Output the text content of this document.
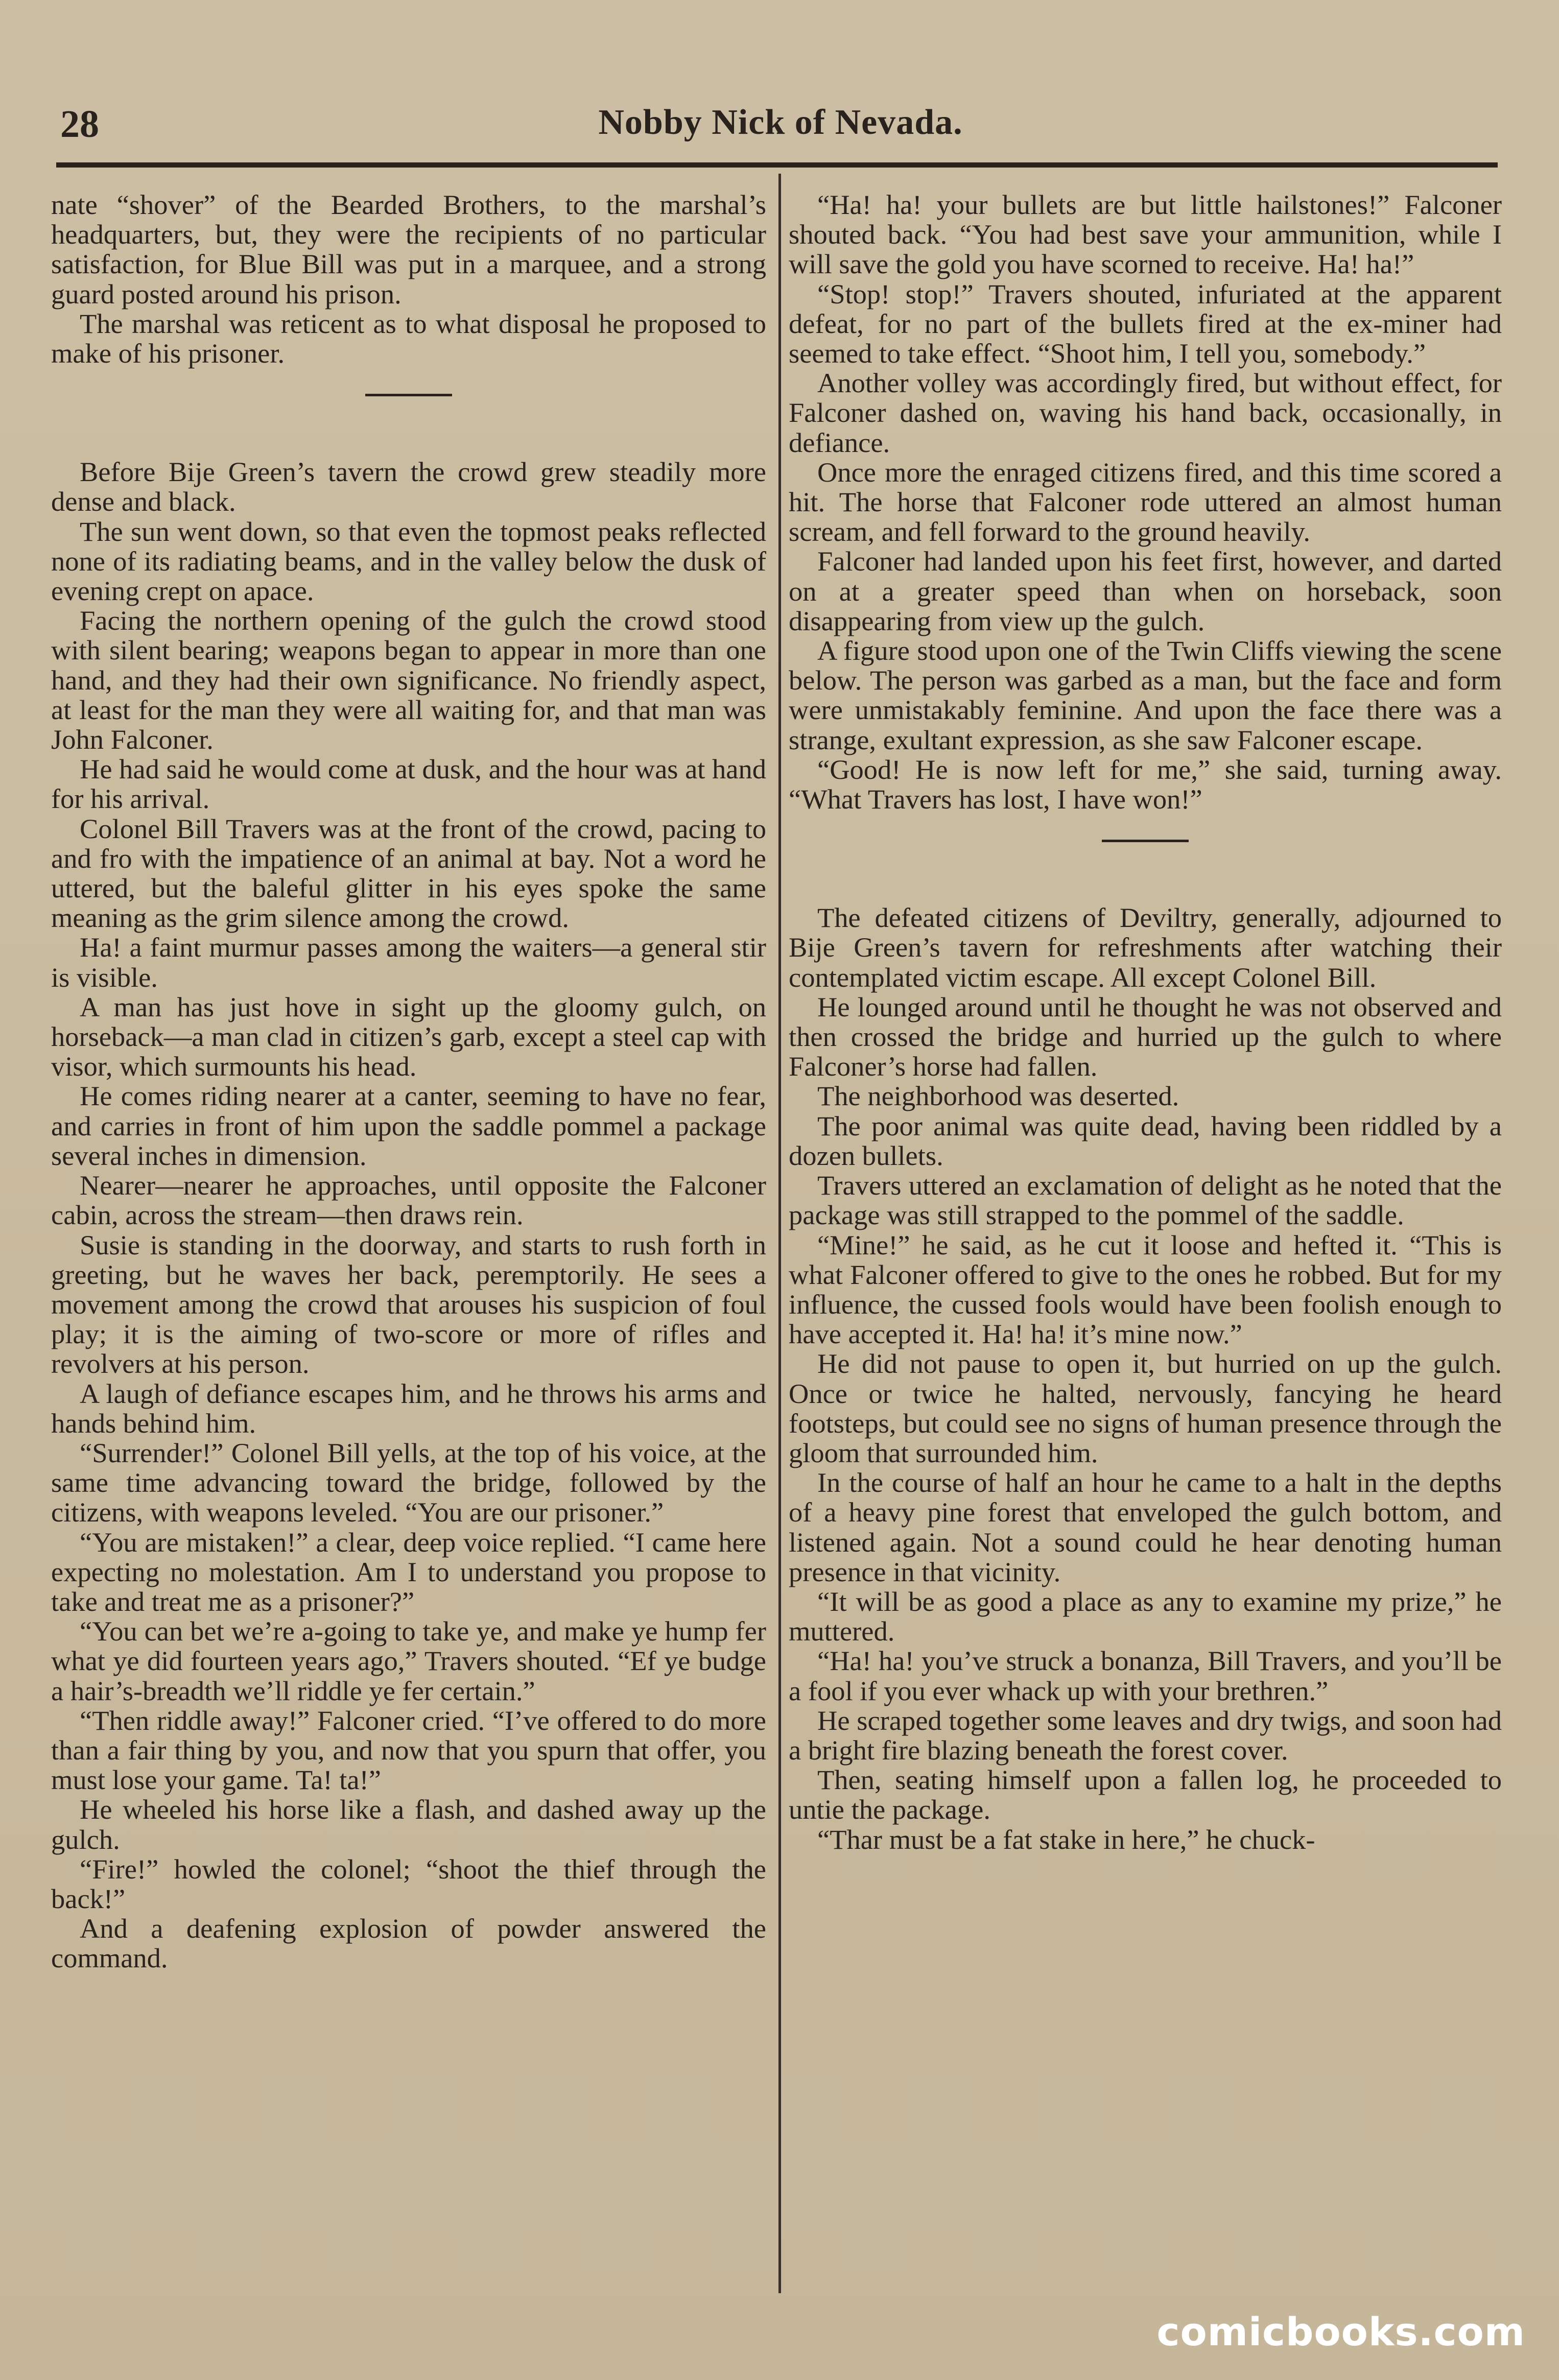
28	Nobby Nick of Nevada.

nate “shover” of the Bearded Brothers, to the marshal’s headquarters, but, they were the recipients of no particular satisfaction, for Blue Bill was put in a marquee, and a strong guard posted around his prison.

The marshal was reticent as to what disposal he proposed to make of his prisoner.

Before Bije Green’s tavern the crowd grew steadily more dense and black.

The sun went down, so that even the topmost peaks reflected none of its radiating beams, and in the valley below the dusk of evening crept on apace.

Facing the northern opening of the gulch the crowd stood with silent bearing; weapons began to appear in more than one hand, and they had their own significance. No friendly aspect, at least for the man they were all waiting for, and that man was John Falconer.

He had said he would come at dusk, and the hour was at hand for his arrival.

Colonel Bill Travers was at the front of the crowd, pacing to and fro with the impatience of an animal at bay. Not a word he uttered, but the baleful glitter in his eyes spoke the same meaning as the grim silence among the crowd.

Ha! a faint murmur passes among the waiters—a general stir is visible.

A man has just hove in sight up the gloomy gulch, on horseback—a man clad in citizen’s garb, except a steel cap with visor, which surmounts his head.

He comes riding nearer at a canter, seeming to have no fear, and carries in front of him upon the saddle pommel a package several inches in dimension.

Nearer—nearer he approaches, until opposite the Falconer cabin, across the stream—then draws rein.

Susie is standing in the doorway, and starts to rush forth in greeting, but he waves her back, peremptorily. He sees a movement among the crowd that arouses his suspicion of foul play; it is the aiming of two-score or more of rifles and revolvers at his person.

A laugh of defiance escapes him, and he throws his arms and hands behind him.

“Surrender!” Colonel Bill yells, at the top of his voice, at the same time advancing toward the bridge, followed by the citizens, with weapons leveled. “You are our prisoner.”

“You are mistaken!” a clear, deep voice replied. “I came here expecting no molestation. Am I to understand you propose to take and treat me as a prisoner?”

“You can bet we’re a-going to take ye, and make ye hump fer what ye did fourteen years ago,” Travers shouted. “Ef ye budge a hair’s-breadth we’ll riddle ye fer certain.”

“Then riddle away!” Falconer cried. “I’ve offered to do more than a fair thing by you, and now that you spurn that offer, you must lose your game. Ta! ta!”

He wheeled his horse like a flash, and dashed away up the gulch.

“Fire!” howled the colonel; “shoot the thief through the back!”

And a deafening explosion of powder answered the command.

“Ha! ha! your bullets are but little hailstones!” Falconer shouted back. “You had best save your ammunition, while I will save the gold you have scorned to receive. Ha! ha!”

“Stop! stop!” Travers shouted, infuriated at the apparent defeat, for no part of the bullets fired at the ex-miner had seemed to take effect. “Shoot him, I tell you, somebody.”

Another volley was accordingly fired, but without effect, for Falconer dashed on, waving his hand back, occasionally, in defiance.

Once more the enraged citizens fired, and this time scored a hit. The horse that Falconer rode uttered an almost human scream, and fell forward to the ground heavily.

Falconer had landed upon his feet first, however, and darted on at a greater speed than when on horseback, soon disappearing from view up the gulch.

A figure stood upon one of the Twin Cliffs viewing the scene below. The person was garbed as a man, but the face and form were unmistakably feminine. And upon the face there was a strange, exultant expression, as she saw Falconer escape.

“Good! He is now left for me,” she said, turning away. “What Travers has lost, I have won!”

The defeated citizens of Deviltry, generally, adjourned to Bije Green’s tavern for refreshments after watching their contemplated victim escape. All except Colonel Bill.

He lounged around until he thought he was not observed and then crossed the bridge and hurried up the gulch to where Falconer’s horse had fallen.

The neighborhood was deserted.

The poor animal was quite dead, having been riddled by a dozen bullets.

Travers uttered an exclamation of delight as he noted that the package was still strapped to the pommel of the saddle.

“Mine!” he said, as he cut it loose and hefted it. “This is what Falconer offered to give to the ones he robbed. But for my influence, the cussed fools would have been foolish enough to have accepted it. Ha! ha! it’s mine now.”

He did not pause to open it, but hurried on up the gulch. Once or twice he halted, nervously, fancying he heard footsteps, but could see no signs of human presence through the gloom that surrounded him.

In the course of half an hour he came to a halt in the depths of a heavy pine forest that enveloped the gulch bottom, and listened again. Not a sound could he hear denoting human presence in that vicinity.

“It will be as good a place as any to examine my prize,” he muttered.

“Ha! ha! you’ve struck a bonanza, Bill Travers, and you’ll be a fool if you ever whack up with your brethren.”

He scraped together some leaves and dry twigs, and soon had a bright fire blazing beneath the forest cover.

Then, seating himself upon a fallen log, he proceeded to untie the package.

“Thar must be a fat stake in here,” he chuck-

comicbooks.com
